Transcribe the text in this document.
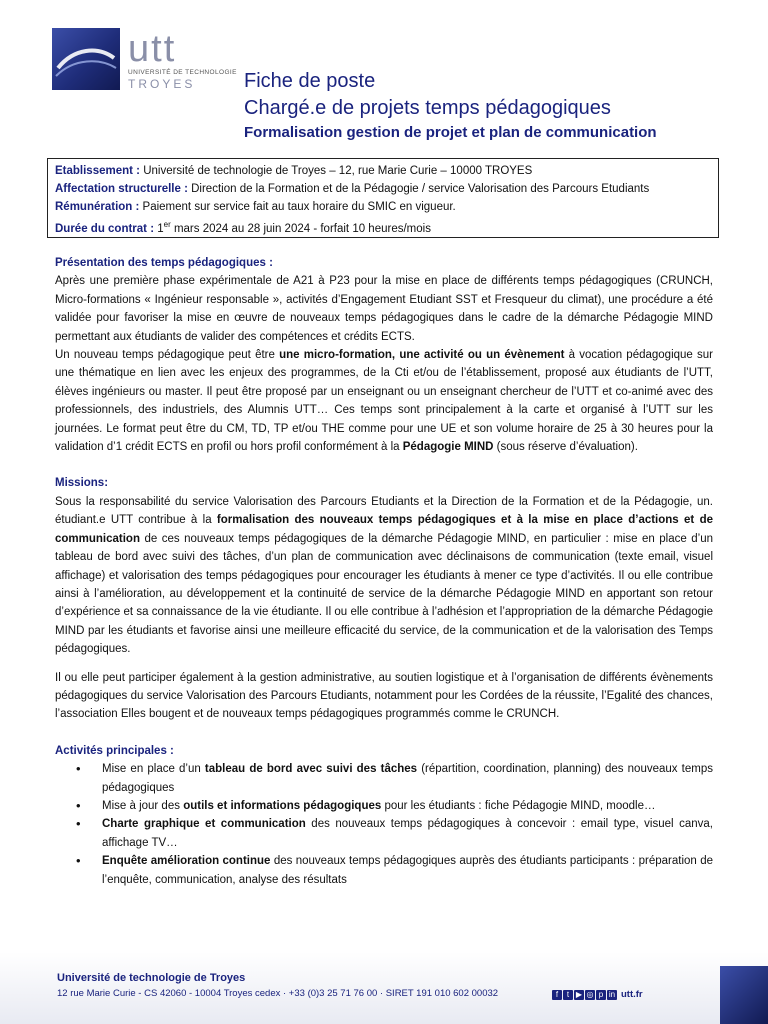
utt
UNIVERSITÉ DE TECHNOLOGIE
TROYES	Fiche de poste
Chargé.e de projets temps pédagogiques
Formalisation gestion de projet et plan de communication
Etablissement : Université de technologie de Troyes – 12, rue Marie Curie – 10000 TROYES
Affectation structurelle : Direction de la Formation et de la Pédagogie / service Valorisation des Parcours Etudiants
Rémunération : Paiement sur service fait au taux horaire du SMIC en vigueur.
Durée du contrat : 1er mars 2024 au 28 juin 2024 - forfait 10 heures/mois
Présentation des temps pédagogiques :

Après une première phase expérimentale de A21 à P23 pour la mise en place de différents temps pédagogiques (CRUNCH, Micro-formations « Ingénieur responsable », activités d’Engagement Etudiant SST et Fresqueur du climat), une procédure a été validée pour favoriser la mise en œuvre de nouveaux temps pédagogiques dans le cadre de la démarche Pédagogie MIND permettant aux étudiants de valider des compétences et crédits ECTS.

Un nouveau temps pédagogique peut être une micro-formation, une activité ou un évènement à vocation pédagogique sur une thématique en lien avec les enjeux des programmes, de la Cti et/ou de l’établissement, proposé aux étudiants de l’UTT, élèves ingénieurs ou master. Il peut être proposé par un enseignant ou un enseignant chercheur de l’UTT et co-animé avec des professionnels, des industriels, des Alumnis UTT… Ces temps sont principalement à la carte et organisé à l’UTT sur les journées. Le format peut être du CM, TD, TP et/ou THE comme pour une UE et son volume horaire de 25 à 30 heures pour la validation d’1 crédit ECTS en profil ou hors profil conformément à la Pédagogie MIND (sous réserve d’évaluation).

Missions:

Sous la responsabilité du service Valorisation des Parcours Etudiants et la Direction de la Formation et de la Pédagogie, un. étudiant.e UTT contribue à la formalisation des nouveaux temps pédagogiques et à la mise en place d’actions et de communication de ces nouveaux temps pédagogiques de la démarche Pédagogie MIND, en particulier : mise en place d’un tableau de bord avec suivi des tâches, d’un plan de communication avec déclinaisons de communication (texte email, visuel affichage) et valorisation des temps pédagogiques pour encourager les étudiants à mener ce type d’activités. Il ou elle contribue ainsi à l’amélioration, au développement et la continuité de service de la démarche Pédagogie MIND en apportant son retour d’expérience et sa connaissance de la vie étudiante. Il ou elle contribue à l’adhésion et l’appropriation de la démarche Pédagogie MIND par les étudiants et favorise ainsi une meilleure efficacité du service, de la communication et de la valorisation des Temps pédagogiques.

Il ou elle peut participer également à la gestion administrative, au soutien logistique et à l’organisation de différents évènements pédagogiques du service Valorisation des Parcours Etudiants, notamment pour les Cordées de la réussite, l’Egalité des chances, l’association Elles bougent et de nouveaux temps pédagogiques programmés comme le CRUNCH.

Activités principales :
• Mise en place d’un tableau de bord avec suivi des tâches (répartition, coordination, planning) des nouveaux temps pédagogiques
• Mise à jour des outils et informations pédagogiques pour les étudiants : fiche Pédagogie MIND, moodle…
• Charte graphique et communication des nouveaux temps pédagogiques à concevoir : email type, visuel canva, affichage TV…
• Enquête amélioration continue des nouveaux temps pédagogiques auprès des étudiants participants : préparation de l’enquête, communication, analyse des résultats
Université de technologie de Troyes
12 rue Marie Curie - CS 42060 - 10004 Troyes cedex · +33 (0)3 25 71 76 00 · SIRET 191 010 602 00032	f t ▶ ◎ p in utt.fr
